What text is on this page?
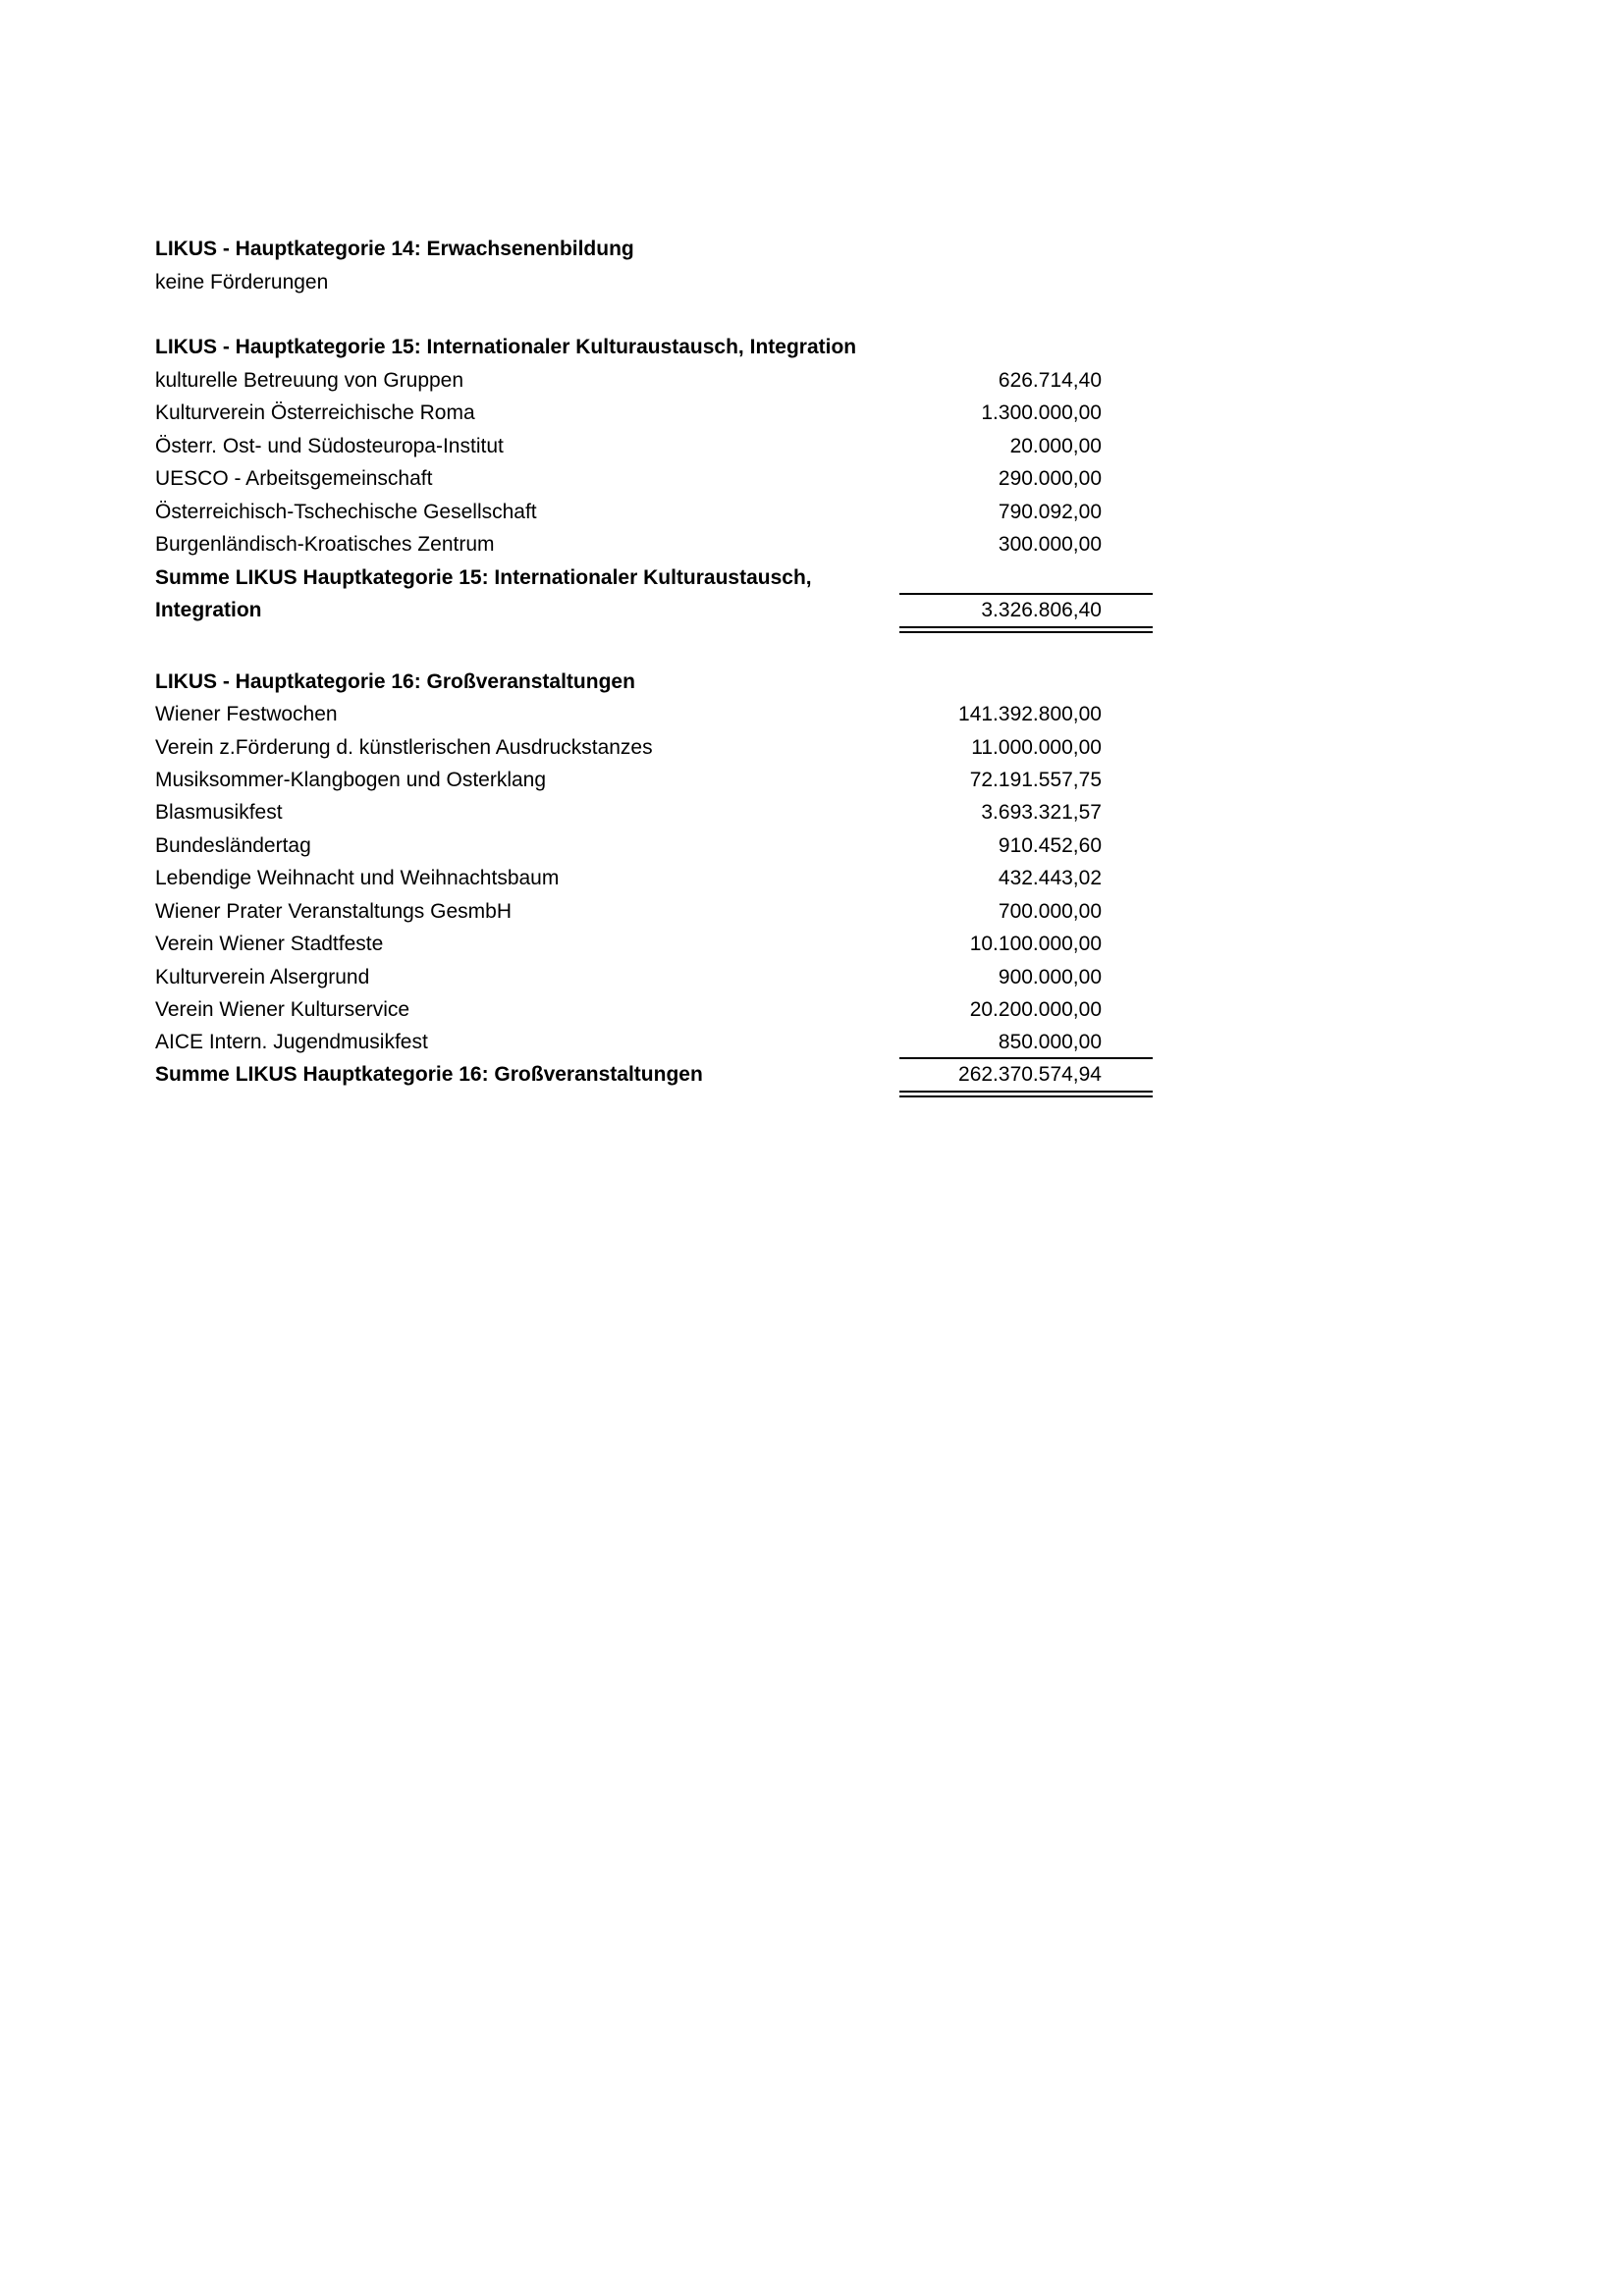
LIKUS - Hauptkategorie 14: Erwachsenenbildung
keine Förderungen
LIKUS - Hauptkategorie 15: Internationaler Kulturaustausch, Integration
kulturelle Betreuung von Gruppen	626.714,40
Kulturverein Österreichische Roma	1.300.000,00
Österr. Ost- und Südosteuropa-Institut	20.000,00
UESCO - Arbeitsgemeinschaft	290.000,00
Österreichisch-Tschechische Gesellschaft	790.092,00
Burgenländisch-Kroatisches Zentrum	300.000,00
Summe LIKUS Hauptkategorie 15: Internationaler Kulturaustausch,
Integration	3.326.806,40
LIKUS - Hauptkategorie 16: Großveranstaltungen
Wiener Festwochen	141.392.800,00
Verein z.Förderung d. künstlerischen Ausdruckstanzes	11.000.000,00
Musiksommer-Klangbogen und Osterklang	72.191.557,75
Blasmusikfest	3.693.321,57
Bundesländertag	910.452,60
Lebendige Weihnacht und Weihnachtsbaum	432.443,02
Wiener Prater Veranstaltungs GesmbH	700.000,00
Verein Wiener Stadtfeste	10.100.000,00
Kulturverein Alsergrund	900.000,00
Verein Wiener Kulturservice	20.200.000,00
AICE Intern. Jugendmusikfest	850.000,00
Summe LIKUS Hauptkategorie 16: Großveranstaltungen	262.370.574,94
